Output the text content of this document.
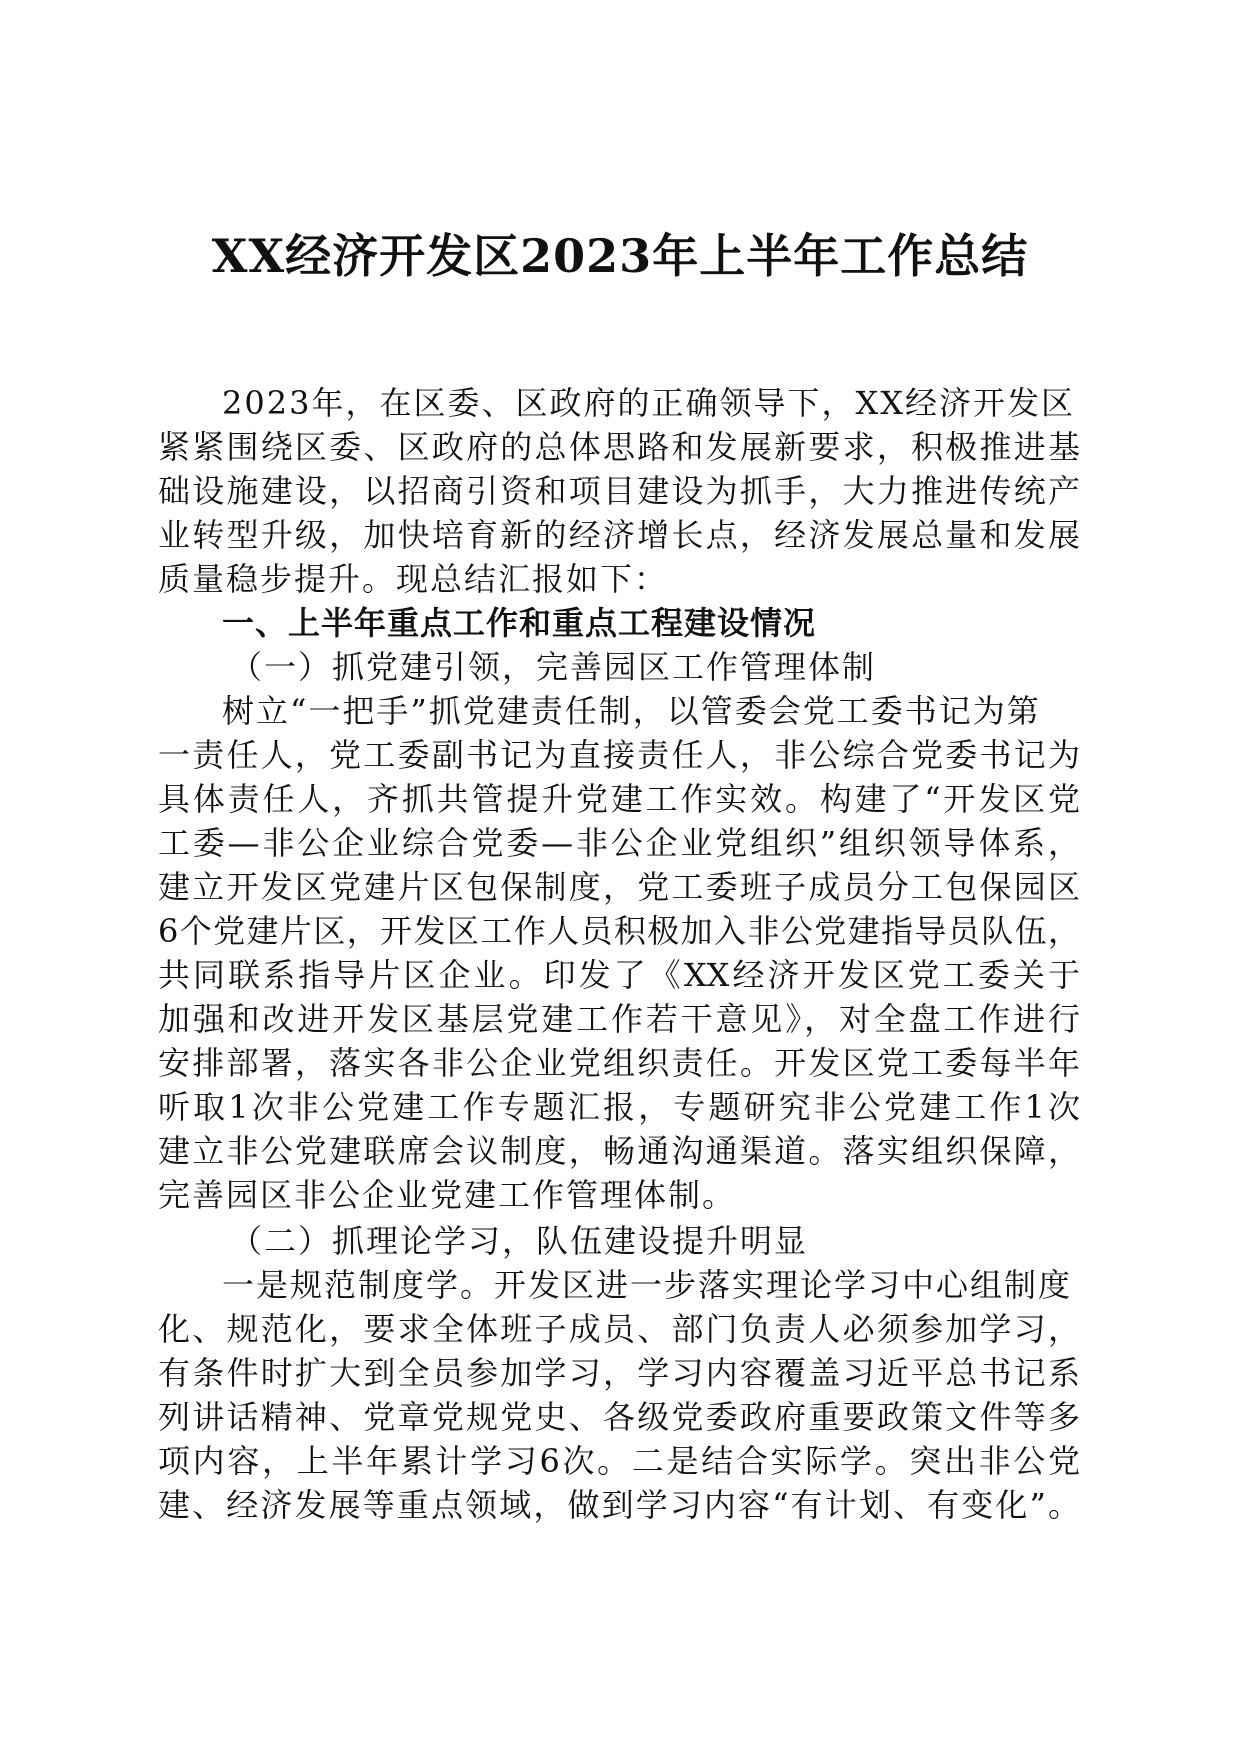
XX经济开发区2023年上半年工作总结

2023年，在区委、区政府的正确领导下，XX经济开发区

紧紧围绕区委、区政府的总体思路和发展新要求，积极推进基

础设施建设，以招商引资和项目建设为抓手，大力推进传统产

业转型升级，加快培育新的经济增长点，经济发展总量和发展

质量稳步提升。现总结汇报如下：

一、上半年重点工作和重点工程建设情况

（一）抓党建引领，完善园区工作管理体制

树立“一把手”抓党建责任制，以管委会党工委书记为第

一责任人，党工委副书记为直接责任人，非公综合党委书记为

具体责任人，齐抓共管提升党建工作实效。构建了“开发区党

工委—非公企业综合党委—非公企业党组织”组织领导体系，

建立开发区党建片区包保制度，党工委班子成员分工包保园区

6个党建片区，开发区工作人员积极加入非公党建指导员队伍，

共同联系指导片区企业。印发了《XX经济开发区党工委关于

加强和改进开发区基层党建工作若干意见》，对全盘工作进行

安排部署，落实各非公企业党组织责任。开发区党工委每半年

听取1次非公党建工作专题汇报，专题研究非公党建工作1次

建立非公党建联席会议制度，畅通沟通渠道。落实组织保障，

完善园区非公企业党建工作管理体制。

（二）抓理论学习，队伍建设提升明显

一是规范制度学。开发区进一步落实理论学习中心组制度

化、规范化，要求全体班子成员、部门负责人必须参加学习，

有条件时扩大到全员参加学习，学习内容覆盖习近平总书记系

列讲话精神、党章党规党史、各级党委政府重要政策文件等多

项内容，上半年累计学习6次。二是结合实际学。突出非公党

建、经济发展等重点领域，做到学习内容“有计划、有变化”。
